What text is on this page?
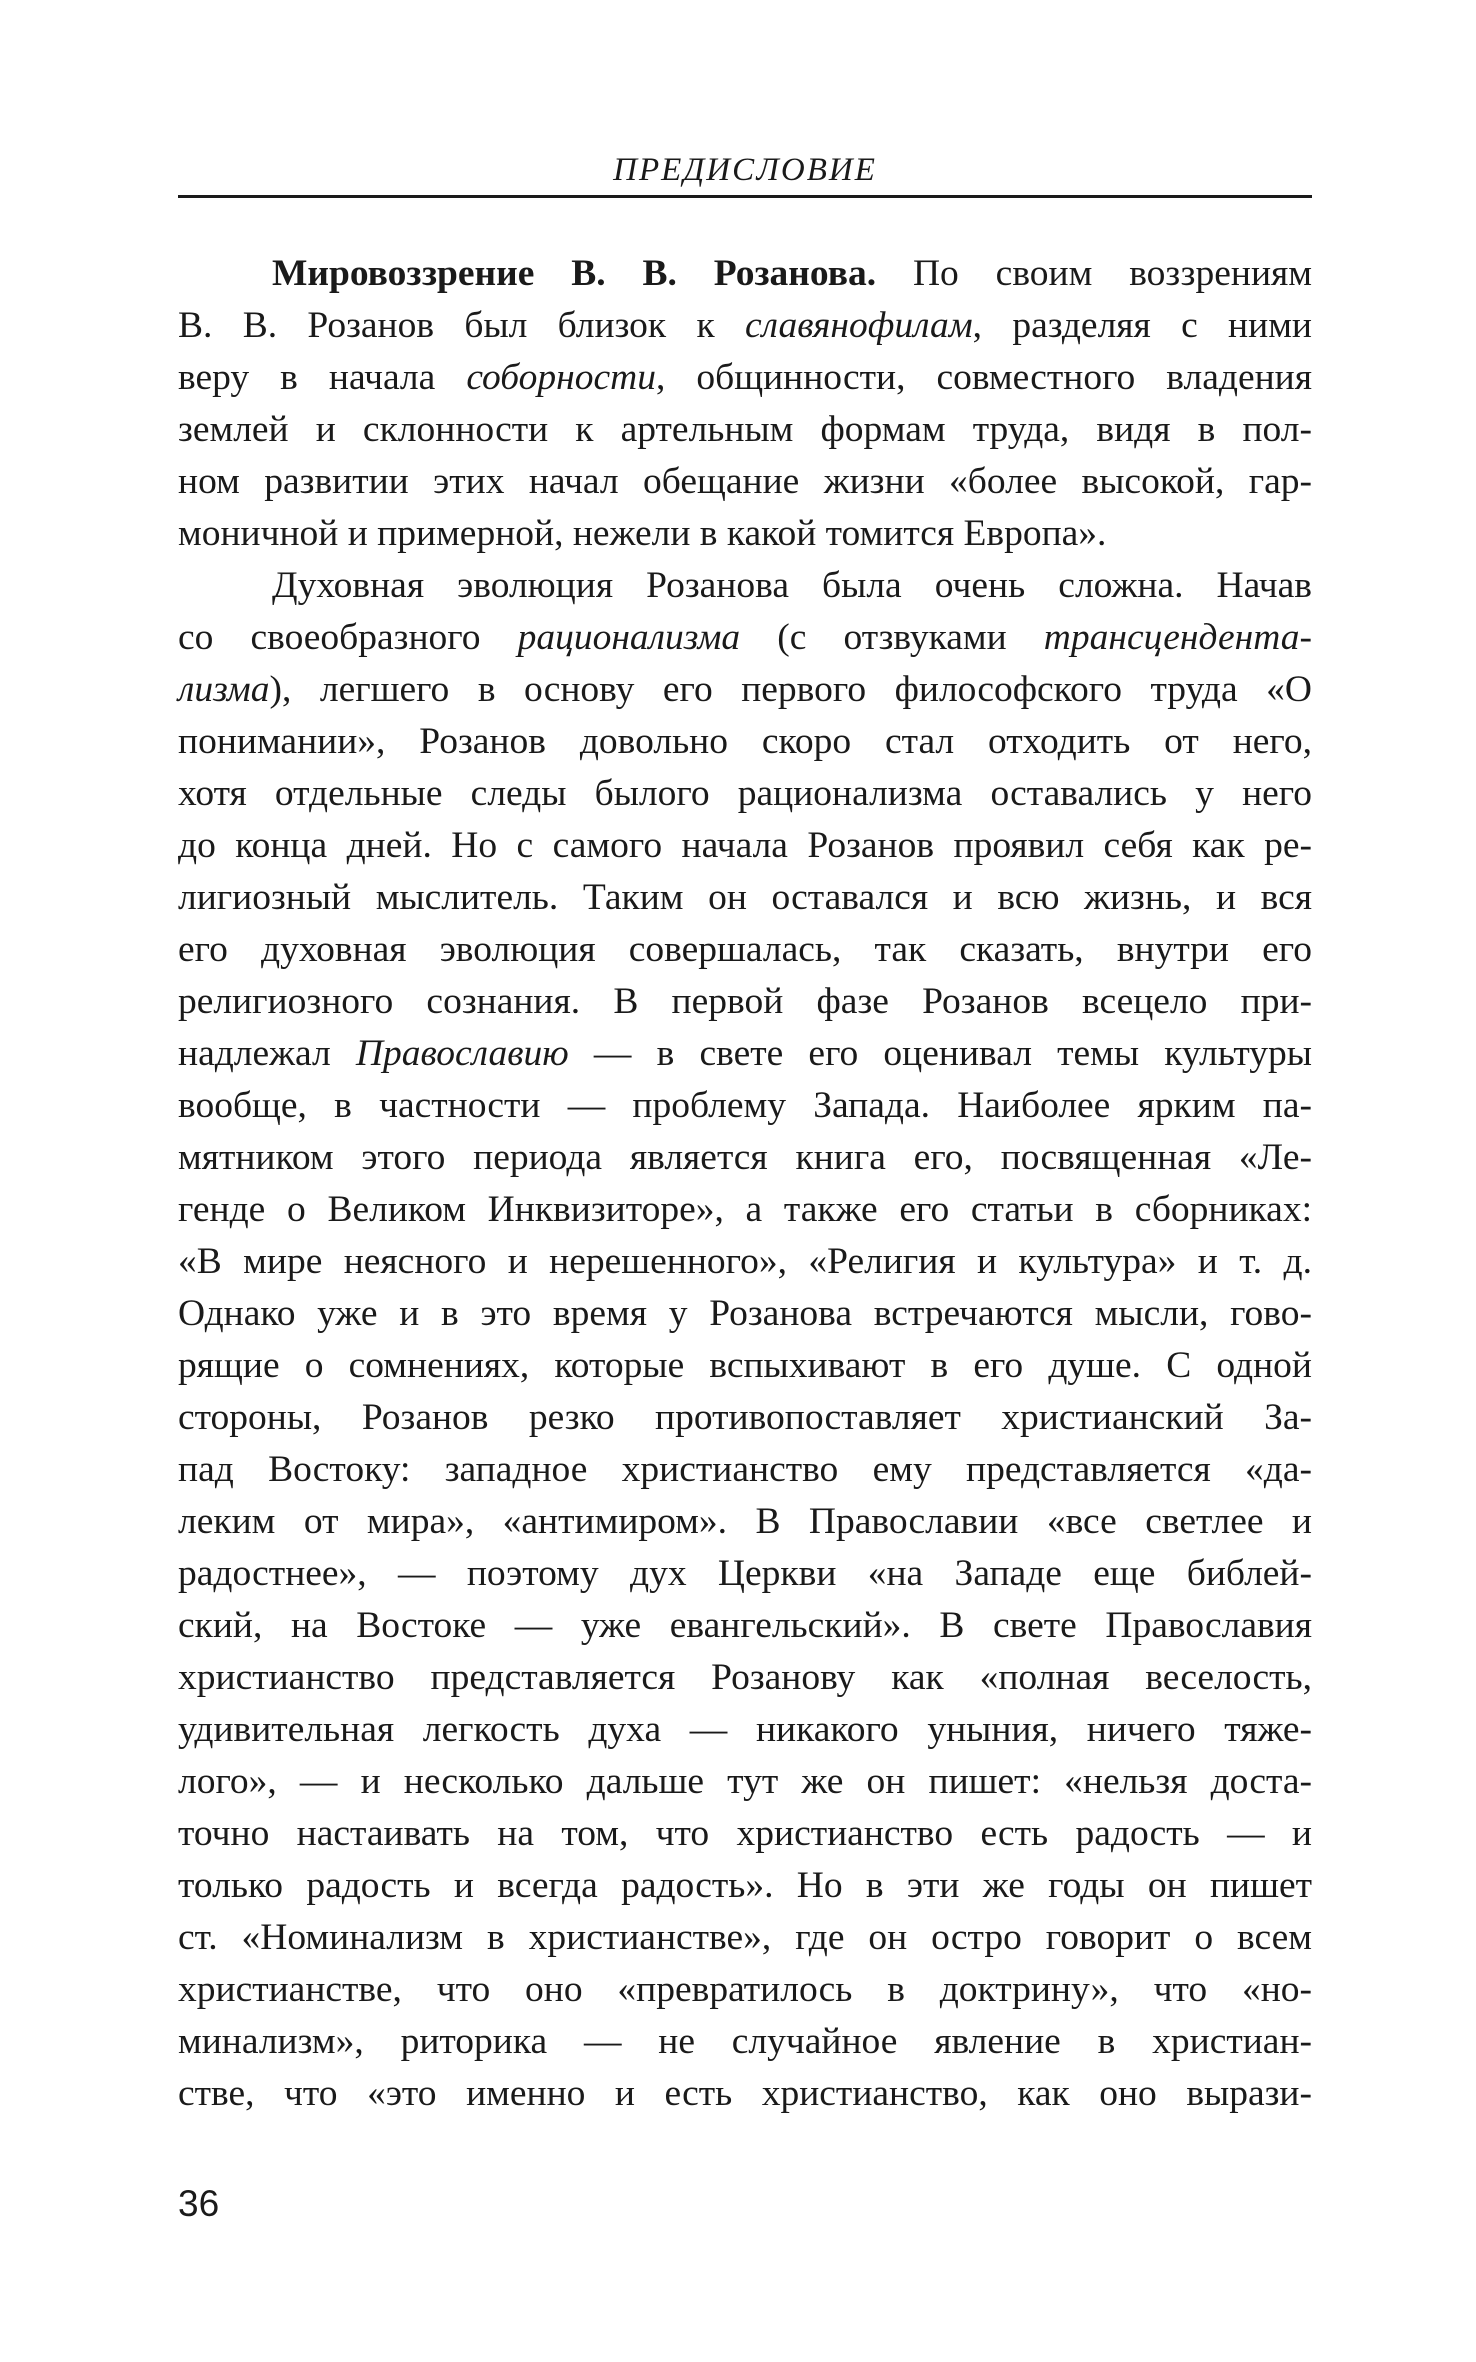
ПРЕДИСЛОВИЕ
Мировоззрение В. В. Розанова. По своим воззрениям
В. В. Розанов был близок к славянофилам, разделяя с ними
веру в начала соборности, общинности, совместного владения
землей и склонности к артельным формам труда, видя в пол-
ном развитии этих начал обещание жизни «более высокой, гар-
моничной и примерной, нежели в какой томится Европа».
Духовная эволюция Розанова была очень сложна. Начав
со своеобразного рационализма (с отзвуками трансцендента-
лизма), легшего в основу его первого философского труда «О
понимании», Розанов довольно скоро стал отходить от него,
хотя отдельные следы былого рационализма оставались у него
до конца дней. Но с самого начала Розанов проявил себя как ре-
лигиозный мыслитель. Таким он оставался и всю жизнь, и вся
его духовная эволюция совершалась, так сказать, внутри его
религиозного сознания. В первой фазе Розанов всецело при-
надлежал Православию — в свете его оценивал темы культуры
вообще, в частности — проблему Запада. Наиболее ярким па-
мятником этого периода является книга его, посвященная «Ле-
генде о Великом Инквизиторе», а также его статьи в сборниках:
«В мире неясного и нерешенного», «Религия и культура» и т. д.
Однако уже и в это время у Розанова встречаются мысли, гово-
рящие о сомнениях, которые вспыхивают в его душе. С одной
стороны, Розанов резко противопоставляет христианский За-
пад Востоку: западное христианство ему представляется «да-
леким от мира», «антимиром». В Православии «все светлее и
радостнее», — поэтому дух Церкви «на Западе еще библей-
ский, на Востоке — уже евангельский». В свете Православия
христианство представляется Розанову как «полная веселость,
удивительная легкость духа — никакого уныния, ничего тяже-
лого», — и несколько дальше тут же он пишет: «нельзя доста-
точно настаивать на том, что христианство есть радость — и
только радость и всегда радость». Но в эти же годы он пишет
ст. «Номинализм в христианстве», где он остро говорит о всем
христианстве, что оно «превратилось в доктрину», что «но-
минализм», риторика — не случайное явление в христиан-
стве, что «это именно и есть христианство, как оно вырази-
36
